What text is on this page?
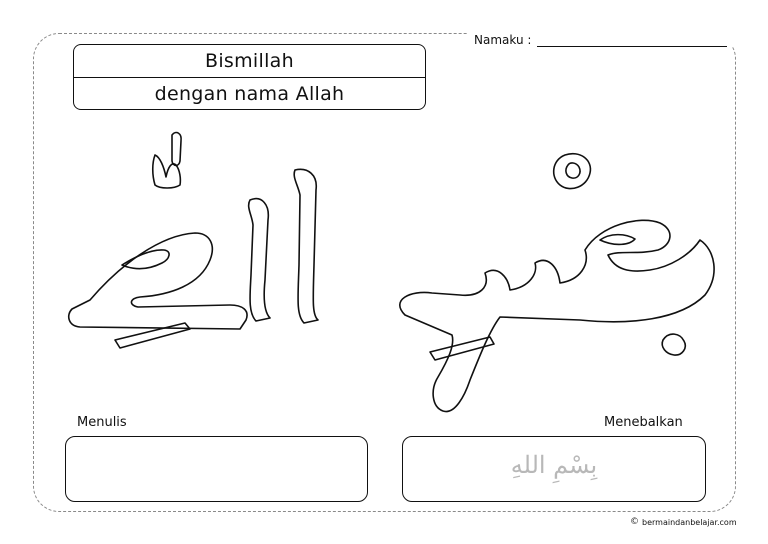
Namaku :
Bismillah
dengan nama Allah
Menulis	Menebalkan
بِسْمِ اللهِ
© bermaindanbelajar.com
